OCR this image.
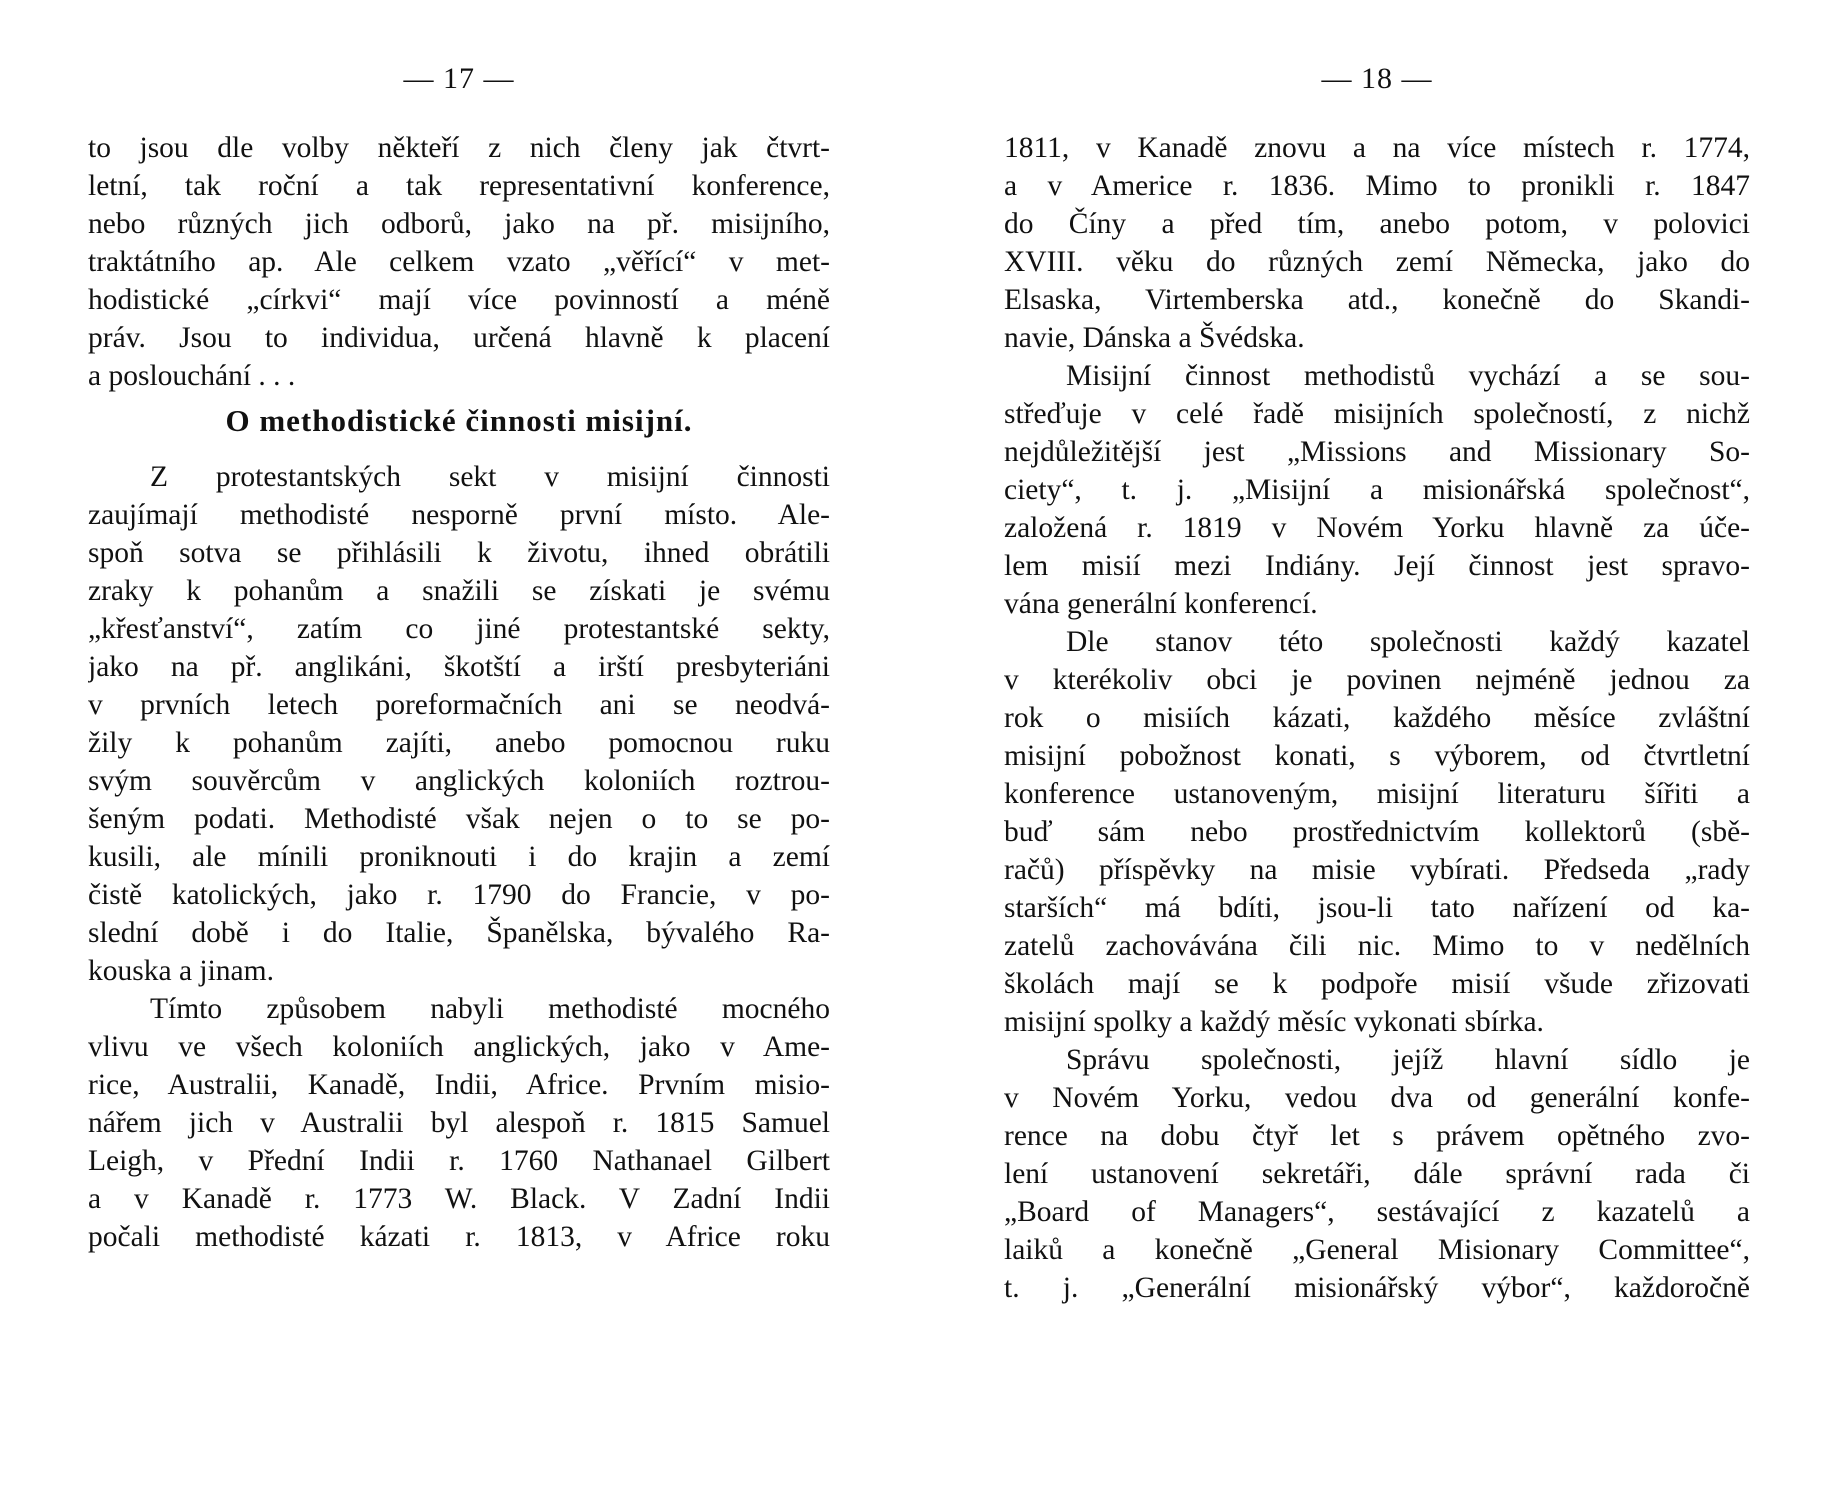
— 17 —
to jsou dle volby někteří z nich členy jak čtvrt-
letní, tak roční a tak representativní konference,
nebo různých jich odborů, jako na př. misijního,
traktátního ap. Ale celkem vzato „věřící“ v met-
hodistické „církvi“ mají více povinností a méně
práv. Jsou to individua, určená hlavně k placení
a poslouchání . . .
O methodistické činnosti misijní.
Z protestantských sekt v misijní činnosti
zaujímají methodisté nesporně první místo. Ale-
spoň sotva se přihlásili k životu, ihned obrátili
zraky k pohanům a snažili se získati je svému
„křesťanství“, zatím co jiné protestantské sekty,
jako na př. anglikáni, škotští a irští presbyteriáni
v prvních letech poreformačních ani se neodvá-
žily k pohanům zajíti, anebo pomocnou ruku
svým souvěrcům v anglických koloniích roztrou-
šeným podati. Methodisté však nejen o to se po-
kusili, ale mínili proniknouti i do krajin a zemí
čistě katolických, jako r. 1790 do Francie, v po-
slední době i do Italie, Španělska, bývalého Ra-
kouska a jinam.
Tímto způsobem nabyli methodisté mocného
vlivu ve všech koloniích anglických, jako v Ame-
rice, Australii, Kanadě, Indii, Africe. Prvním misio-
nářem jich v Australii byl alespoň r. 1815 Samuel
Leigh, v Přední Indii r. 1760 Nathanael Gilbert
a v Kanadě r. 1773 W. Black. V Zadní Indii
počali methodisté kázati r. 1813, v Africe roku
— 18 —
1811, v Kanadě znovu a na více místech r. 1774,
a v Americe r. 1836. Mimo to pronikli r. 1847
do Číny a před tím, anebo potom, v polovici
XVIII. věku do různých zemí Německa, jako do
Elsaska, Virtemberska atd., konečně do Skandi-
navie, Dánska a Švédska.
Misijní činnost methodistů vychází a se sou-
střeďuje v celé řadě misijních společností, z nichž
nejdůležitější jest „Missions and Missionary So-
ciety“, t. j. „Misijní a misionářská společnost“,
založená r. 1819 v Novém Yorku hlavně za úče-
lem misií mezi Indiány. Její činnost jest spravo-
vána generální konferencí.
Dle stanov této společnosti každý kazatel
v kterékoliv obci je povinen nejméně jednou za
rok o misiích kázati, každého měsíce zvláštní
misijní pobožnost konati, s výborem, od čtvrtletní
konference ustanoveným, misijní literaturu šířiti a
buď sám nebo prostřednictvím kollektorů (sbě-
račů) příspěvky na misie vybírati. Předseda „rady
starších“ má bdíti, jsou-li tato nařízení od ka-
zatelů zachovávána čili nic. Mimo to v nedělních
školách mají se k podpoře misií všude zřizovati
misijní spolky a každý měsíc vykonati sbírka.
Správu společnosti, jejíž hlavní sídlo je
v Novém Yorku, vedou dva od generální konfe-
rence na dobu čtyř let s právem opětného zvo-
lení ustanovení sekretáři, dále správní rada či
„Board of Managers“, sestávající z kazatelů a
laiků a konečně „General Misionary Committee“,
t. j. „Generální misionářský výbor“, každoročně
